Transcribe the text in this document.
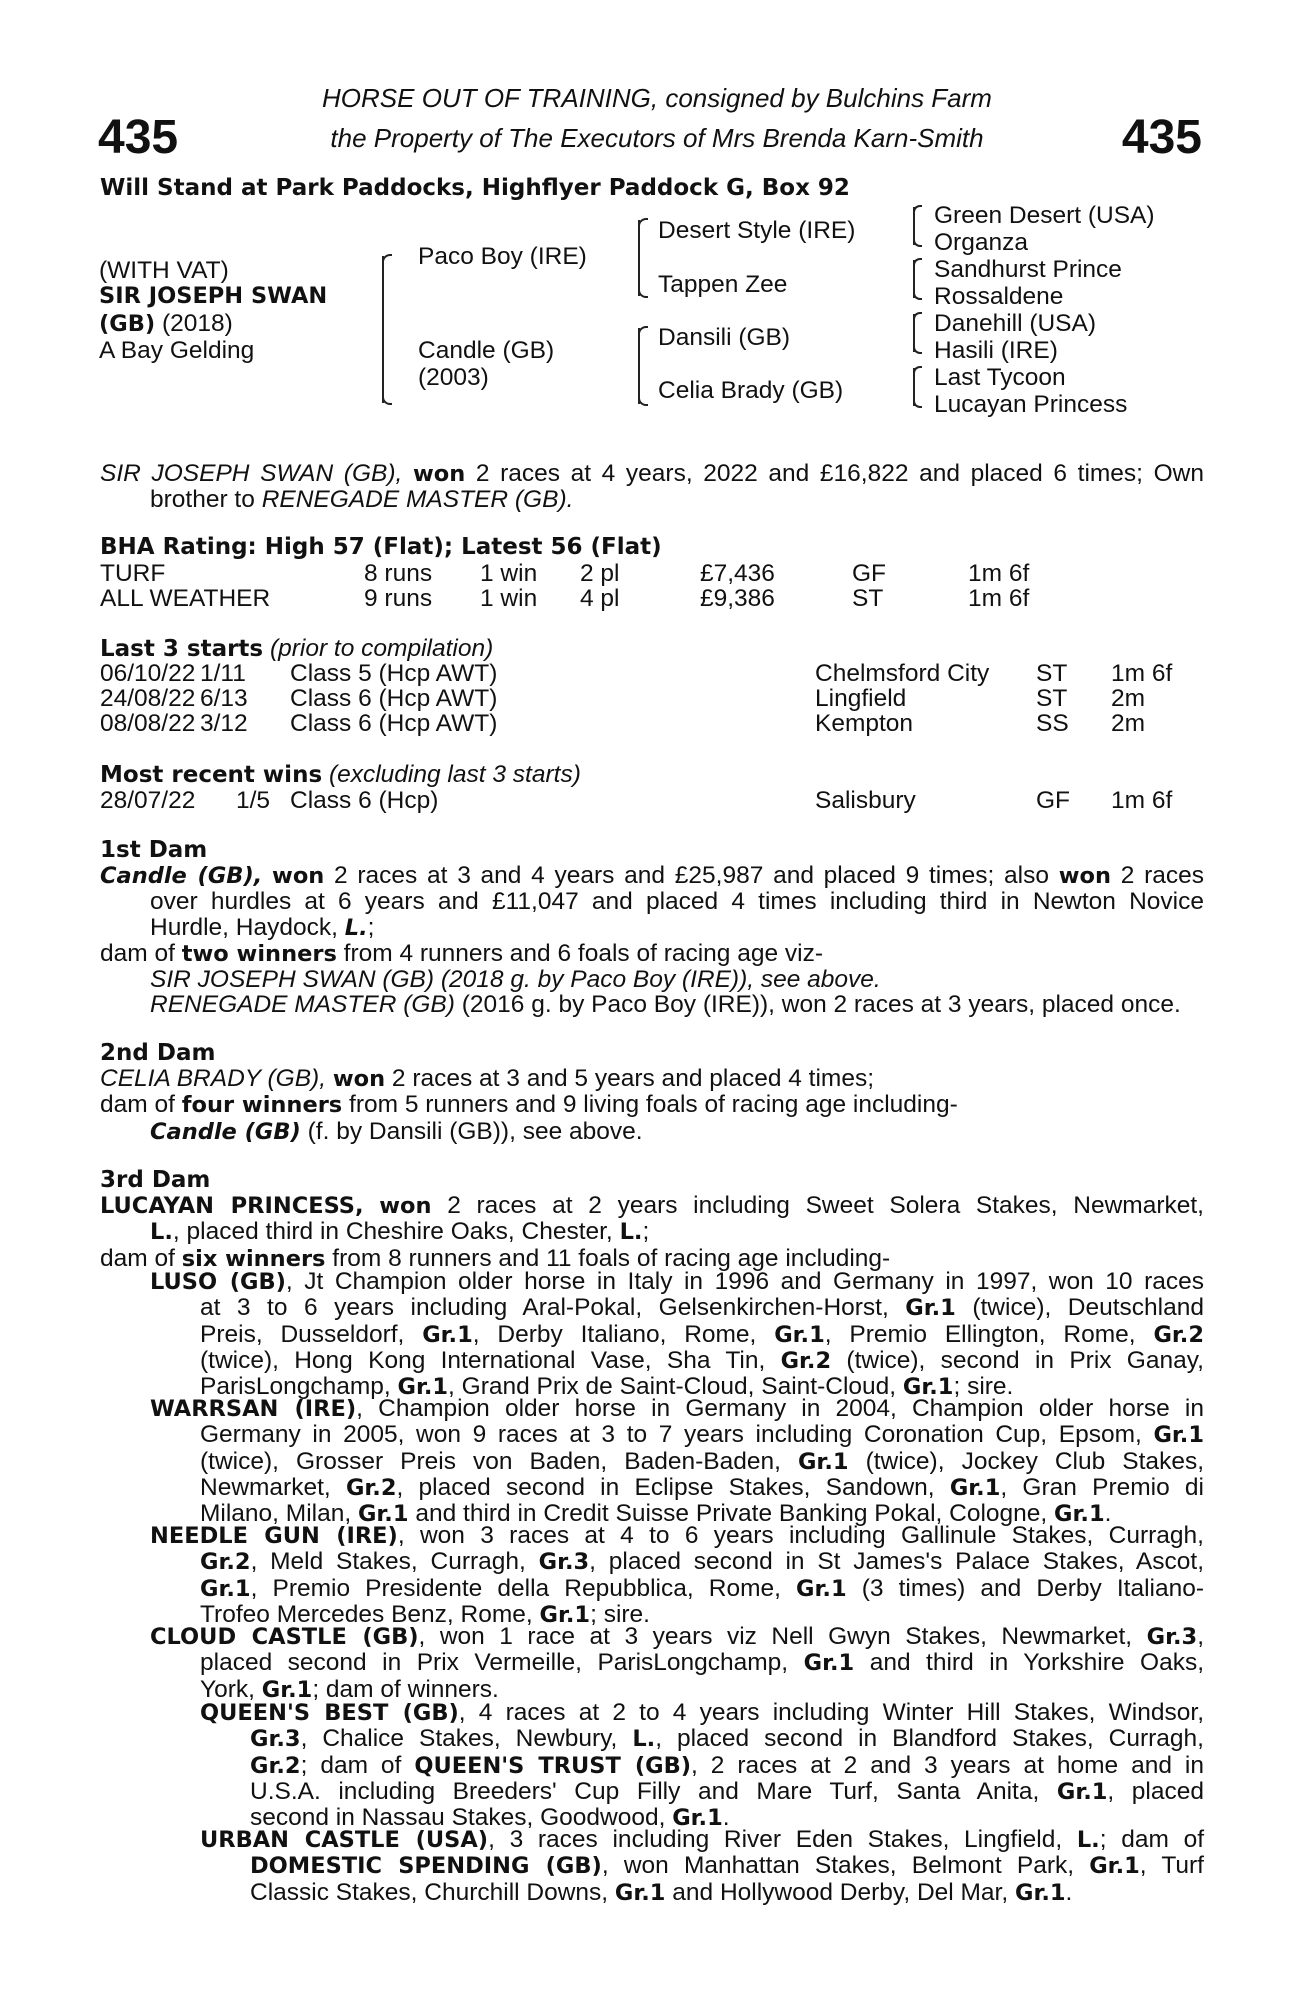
435	435
HORSE OUT OF TRAINING, consigned by Bulchins Farm
the Property of The Executors of Mrs Brenda Karn-Smith
Will Stand at Park Paddocks, Highflyer Paddock G, Box 92
(WITH VAT)
SIR JOSEPH SWAN
(GB) (2018)
A Bay Gelding
Paco Boy (IRE)
Candle (GB)
(2003)
Desert Style (IRE)
Tappen Zee
Dansili (GB)
Celia Brady (GB)
Green Desert (USA)
Organza
Sandhurst Prince
Rossaldene
Danehill (USA)
Hasili (IRE)
Last Tycoon
Lucayan Princess
SIR JOSEPH SWAN (GB), won 2 races at 4 years, 2022 and £16,822 and placed 6 times; Own
brother to RENEGADE MASTER (GB).
BHA Rating: High 57 (Flat); Latest 56 (Flat)
TURF	8 runs 1 win 2 pl	£7,436	GF	1m 6f
ALL WEATHER	9 runs 1 win 4 pl	£9,386	ST	1m 6f
Last 3 starts (prior to compilation)
06/10/22 1/11 Class 5 (Hcp AWT)	Chelmsford City ST 1m 6f
24/08/22 6/13 Class 6 (Hcp AWT)	Lingfield	ST 2m
08/08/22 3/12 Class 6 (Hcp AWT)	Kempton	SS 2m
Most recent wins (excluding last 3 starts)
28/07/22 1/5 Class 6 (Hcp)	Salisbury	GF 1m 6f
1st Dam
Candle (GB), won 2 races at 3 and 4 years and £25,987 and placed 9 times; also won 2 races
over hurdles at 6 years and £11,047 and placed 4 times including third in Newton Novice
Hurdle, Haydock, L.;
dam of two winners from 4 runners and 6 foals of racing age viz-
SIR JOSEPH SWAN (GB) (2018 g. by Paco Boy (IRE)), see above.
RENEGADE MASTER (GB) (2016 g. by Paco Boy (IRE)), won 2 races at 3 years, placed once.
2nd Dam
CELIA BRADY (GB), won 2 races at 3 and 5 years and placed 4 times;
dam of four winners from 5 runners and 9 living foals of racing age including-
Candle (GB) (f. by Dansili (GB)), see above.
3rd Dam
LUCAYAN PRINCESS, won 2 races at 2 years including Sweet Solera Stakes, Newmarket,
L., placed third in Cheshire Oaks, Chester, L.;
dam of six winners from 8 runners and 11 foals of racing age including-
LUSO (GB), Jt Champion older horse in Italy in 1996 and Germany in 1997, won 10 races
at 3 to 6 years including Aral-Pokal, Gelsenkirchen-Horst, Gr.1 (twice), Deutschland
Preis, Dusseldorf, Gr.1, Derby Italiano, Rome, Gr.1, Premio Ellington, Rome, Gr.2
(twice), Hong Kong International Vase, Sha Tin, Gr.2 (twice), second in Prix Ganay,
ParisLongchamp, Gr.1, Grand Prix de Saint-Cloud, Saint-Cloud, Gr.1; sire.
WARRSAN (IRE), Champion older horse in Germany in 2004, Champion older horse in
Germany in 2005, won 9 races at 3 to 7 years including Coronation Cup, Epsom, Gr.1
(twice), Grosser Preis von Baden, Baden-Baden, Gr.1 (twice), Jockey Club Stakes,
Newmarket, Gr.2, placed second in Eclipse Stakes, Sandown, Gr.1, Gran Premio di
Milano, Milan, Gr.1 and third in Credit Suisse Private Banking Pokal, Cologne, Gr.1.
NEEDLE GUN (IRE), won 3 races at 4 to 6 years including Gallinule Stakes, Curragh,
Gr.2, Meld Stakes, Curragh, Gr.3, placed second in St James's Palace Stakes, Ascot,
Gr.1, Premio Presidente della Repubblica, Rome, Gr.1 (3 times) and Derby Italiano-
Trofeo Mercedes Benz, Rome, Gr.1; sire.
CLOUD CASTLE (GB), won 1 race at 3 years viz Nell Gwyn Stakes, Newmarket, Gr.3,
placed second in Prix Vermeille, ParisLongchamp, Gr.1 and third in Yorkshire Oaks,
York, Gr.1; dam of winners.
QUEEN'S BEST (GB), 4 races at 2 to 4 years including Winter Hill Stakes, Windsor,
Gr.3, Chalice Stakes, Newbury, L., placed second in Blandford Stakes, Curragh,
Gr.2; dam of QUEEN'S TRUST (GB), 2 races at 2 and 3 years at home and in
U.S.A. including Breeders' Cup Filly and Mare Turf, Santa Anita, Gr.1, placed
second in Nassau Stakes, Goodwood, Gr.1.
URBAN CASTLE (USA), 3 races including River Eden Stakes, Lingfield, L.; dam of
DOMESTIC SPENDING (GB), won Manhattan Stakes, Belmont Park, Gr.1, Turf
Classic Stakes, Churchill Downs, Gr.1 and Hollywood Derby, Del Mar, Gr.1.
